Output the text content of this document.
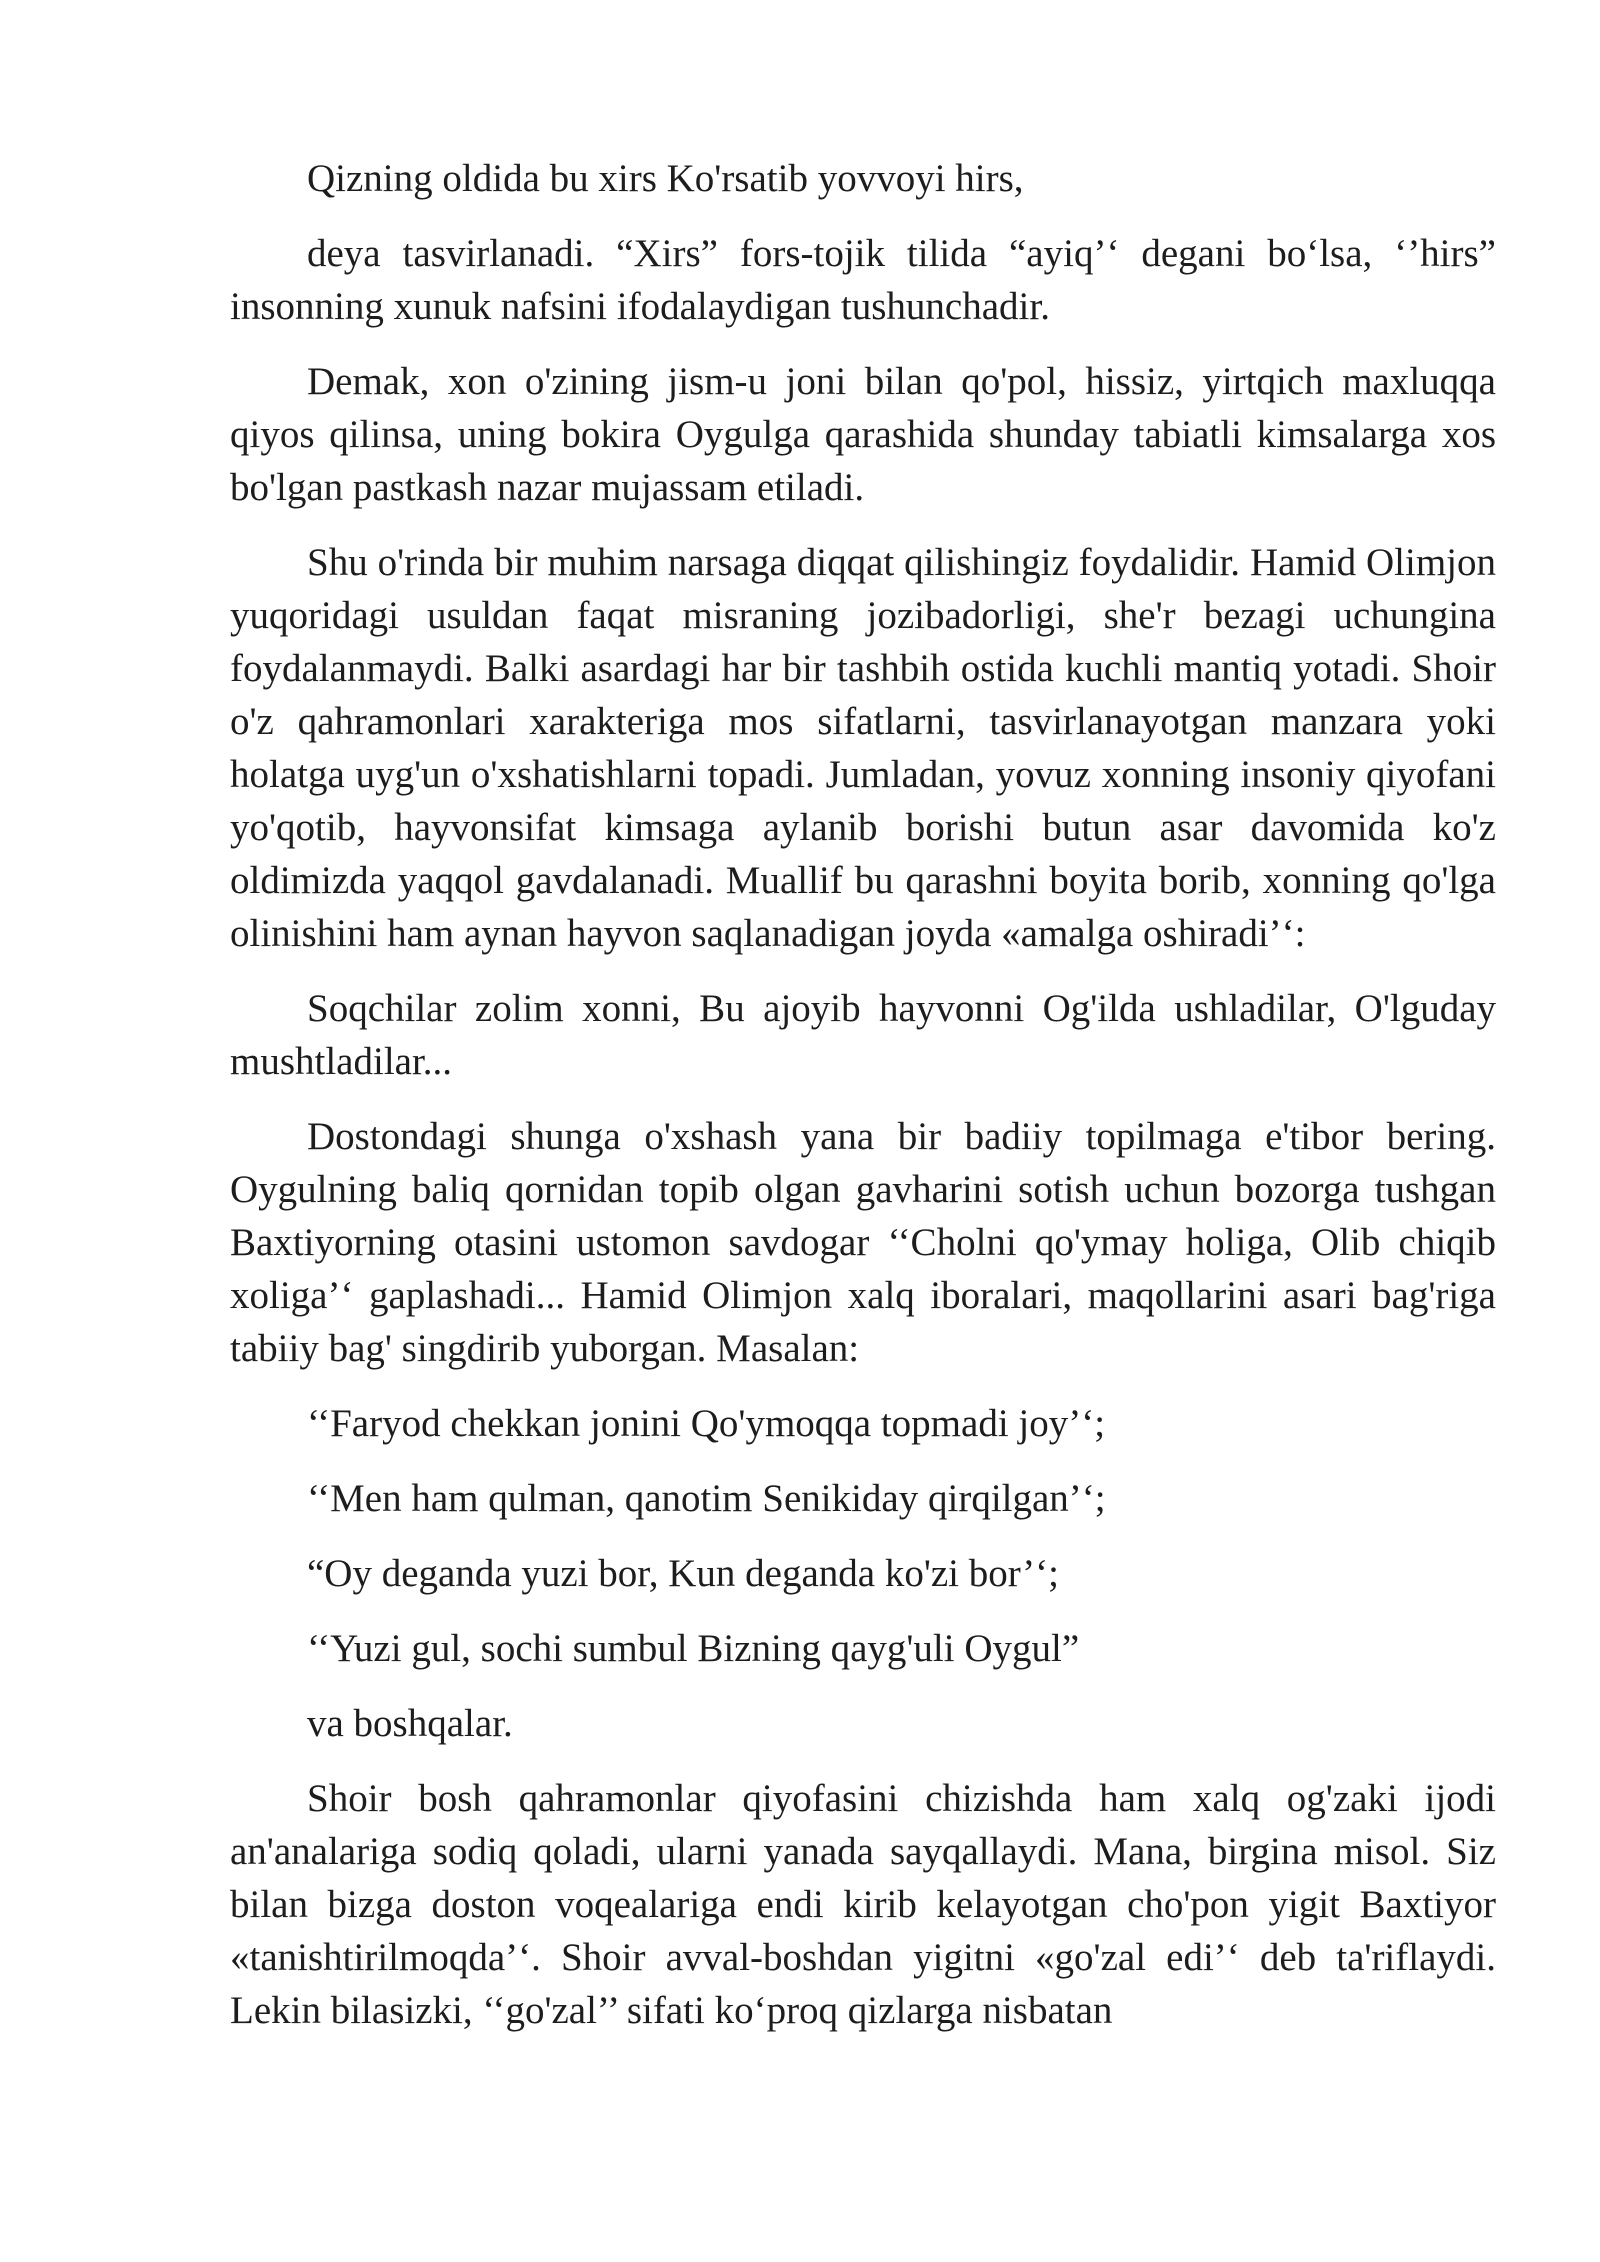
Qizning oldida bu xirs Ko'rsatib yovvoyi hirs,

deya tasvirlanadi. “Xirs” fors-tojik tilida “ayiq’‘ degani bo‘lsa, ‘’hirs” insonning xunuk nafsini ifodalaydigan tushunchadir.

Demak, xon o'zining jism-u joni bilan qo'pol, hissiz, yirtqich maxluqqa qiyos qilinsa, uning bokira Oygulga qarashida shunday tabiatli kimsalarga xos bo'lgan pastkash nazar mujassam etiladi.

Shu o'rinda bir muhim narsaga diqqat qilishingiz foydalidir. Hamid Olimjon yuqoridagi usuldan faqat misraning jozibadorligi, she'r bezagi uchungina foydalanmaydi. Balki asardagi har bir tashbih ostida kuchli mantiq yotadi. Shoir o'z qahramonlari xarakteriga mos sifatlarni, tasvirlanayotgan manzara yoki holatga uyg'un o'xshatishlarni topadi. Jumladan, yovuz xonning insoniy qiyofani yo'qotib, hayvonsifat kimsaga aylanib borishi butun asar davomida ko'z oldimizda yaqqol gavdalanadi. Muallif bu qarashni boyita borib, xonning qo'lga olinishini ham aynan hayvon saqlanadigan joyda «amalga oshiradi’‘:

Soqchilar zolim xonni, Bu ajoyib hayvonni Og'ilda ushladilar, O'lguday mushtladilar...

Dostondagi shunga o'xshash yana bir badiiy topilmaga e'tibor bering. Oygulning baliq qornidan topib olgan gavharini sotish uchun bozorga tushgan Baxtiyorning otasini ustomon savdogar ‘‘Cholni qo'ymay holiga, Olib chiqib xoliga’‘ gaplashadi... Hamid Olimjon xalq iboralari, maqollarini asari bag'riga tabiiy bag' singdirib yuborgan. Masalan:

‘‘Faryod chekkan jonini Qo'ymoqqa topmadi joy’‘;

‘‘Men ham qulman, qanotim Senikiday qirqilgan’‘;

“Oy deganda yuzi bor, Kun deganda ko'zi bor’‘;

‘‘Yuzi gul, sochi sumbul Bizning qayg'uli Oygul”

va boshqalar.

Shoir bosh qahramonlar qiyofasini chizishda ham xalq og'zaki ijodi an'analariga sodiq qoladi, ularni yanada sayqallaydi. Mana, birgina misol. Siz bilan bizga doston voqealariga endi kirib kelayotgan cho'pon yigit Baxtiyor «tanishtirilmoqda’‘. Shoir avval-boshdan yigitni «go'zal edi’‘ deb ta'riflaydi. Lekin bilasizki, ‘‘go'zal’’ sifati ko‘proq qizlarga nisbatan
